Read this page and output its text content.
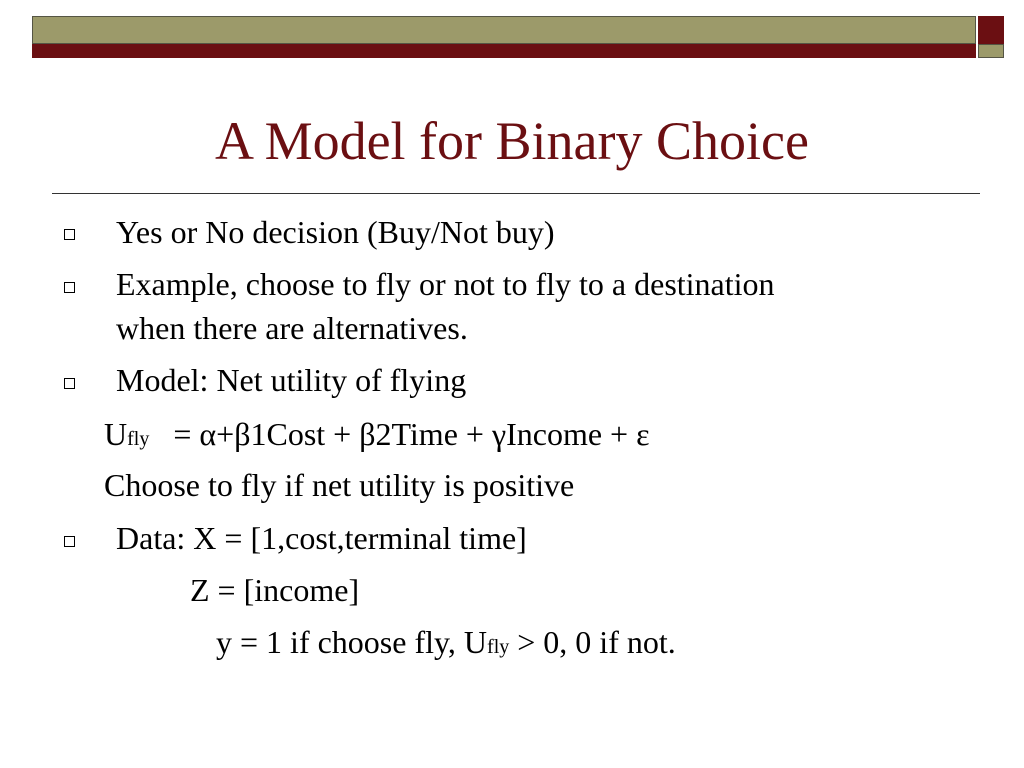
A Model for Binary Choice
Yes or No decision (Buy/Not buy)
Example, choose to fly or not to fly to a destination
when there are alternatives.
Model: Net utility of flying
Ufly = α+β1Cost + β2Time + γIncome + ε
Choose to fly if net utility is positive
Data: X = [1,cost,terminal time]
Z = [income]
y = 1 if choose fly, Ufly > 0, 0 if not.
